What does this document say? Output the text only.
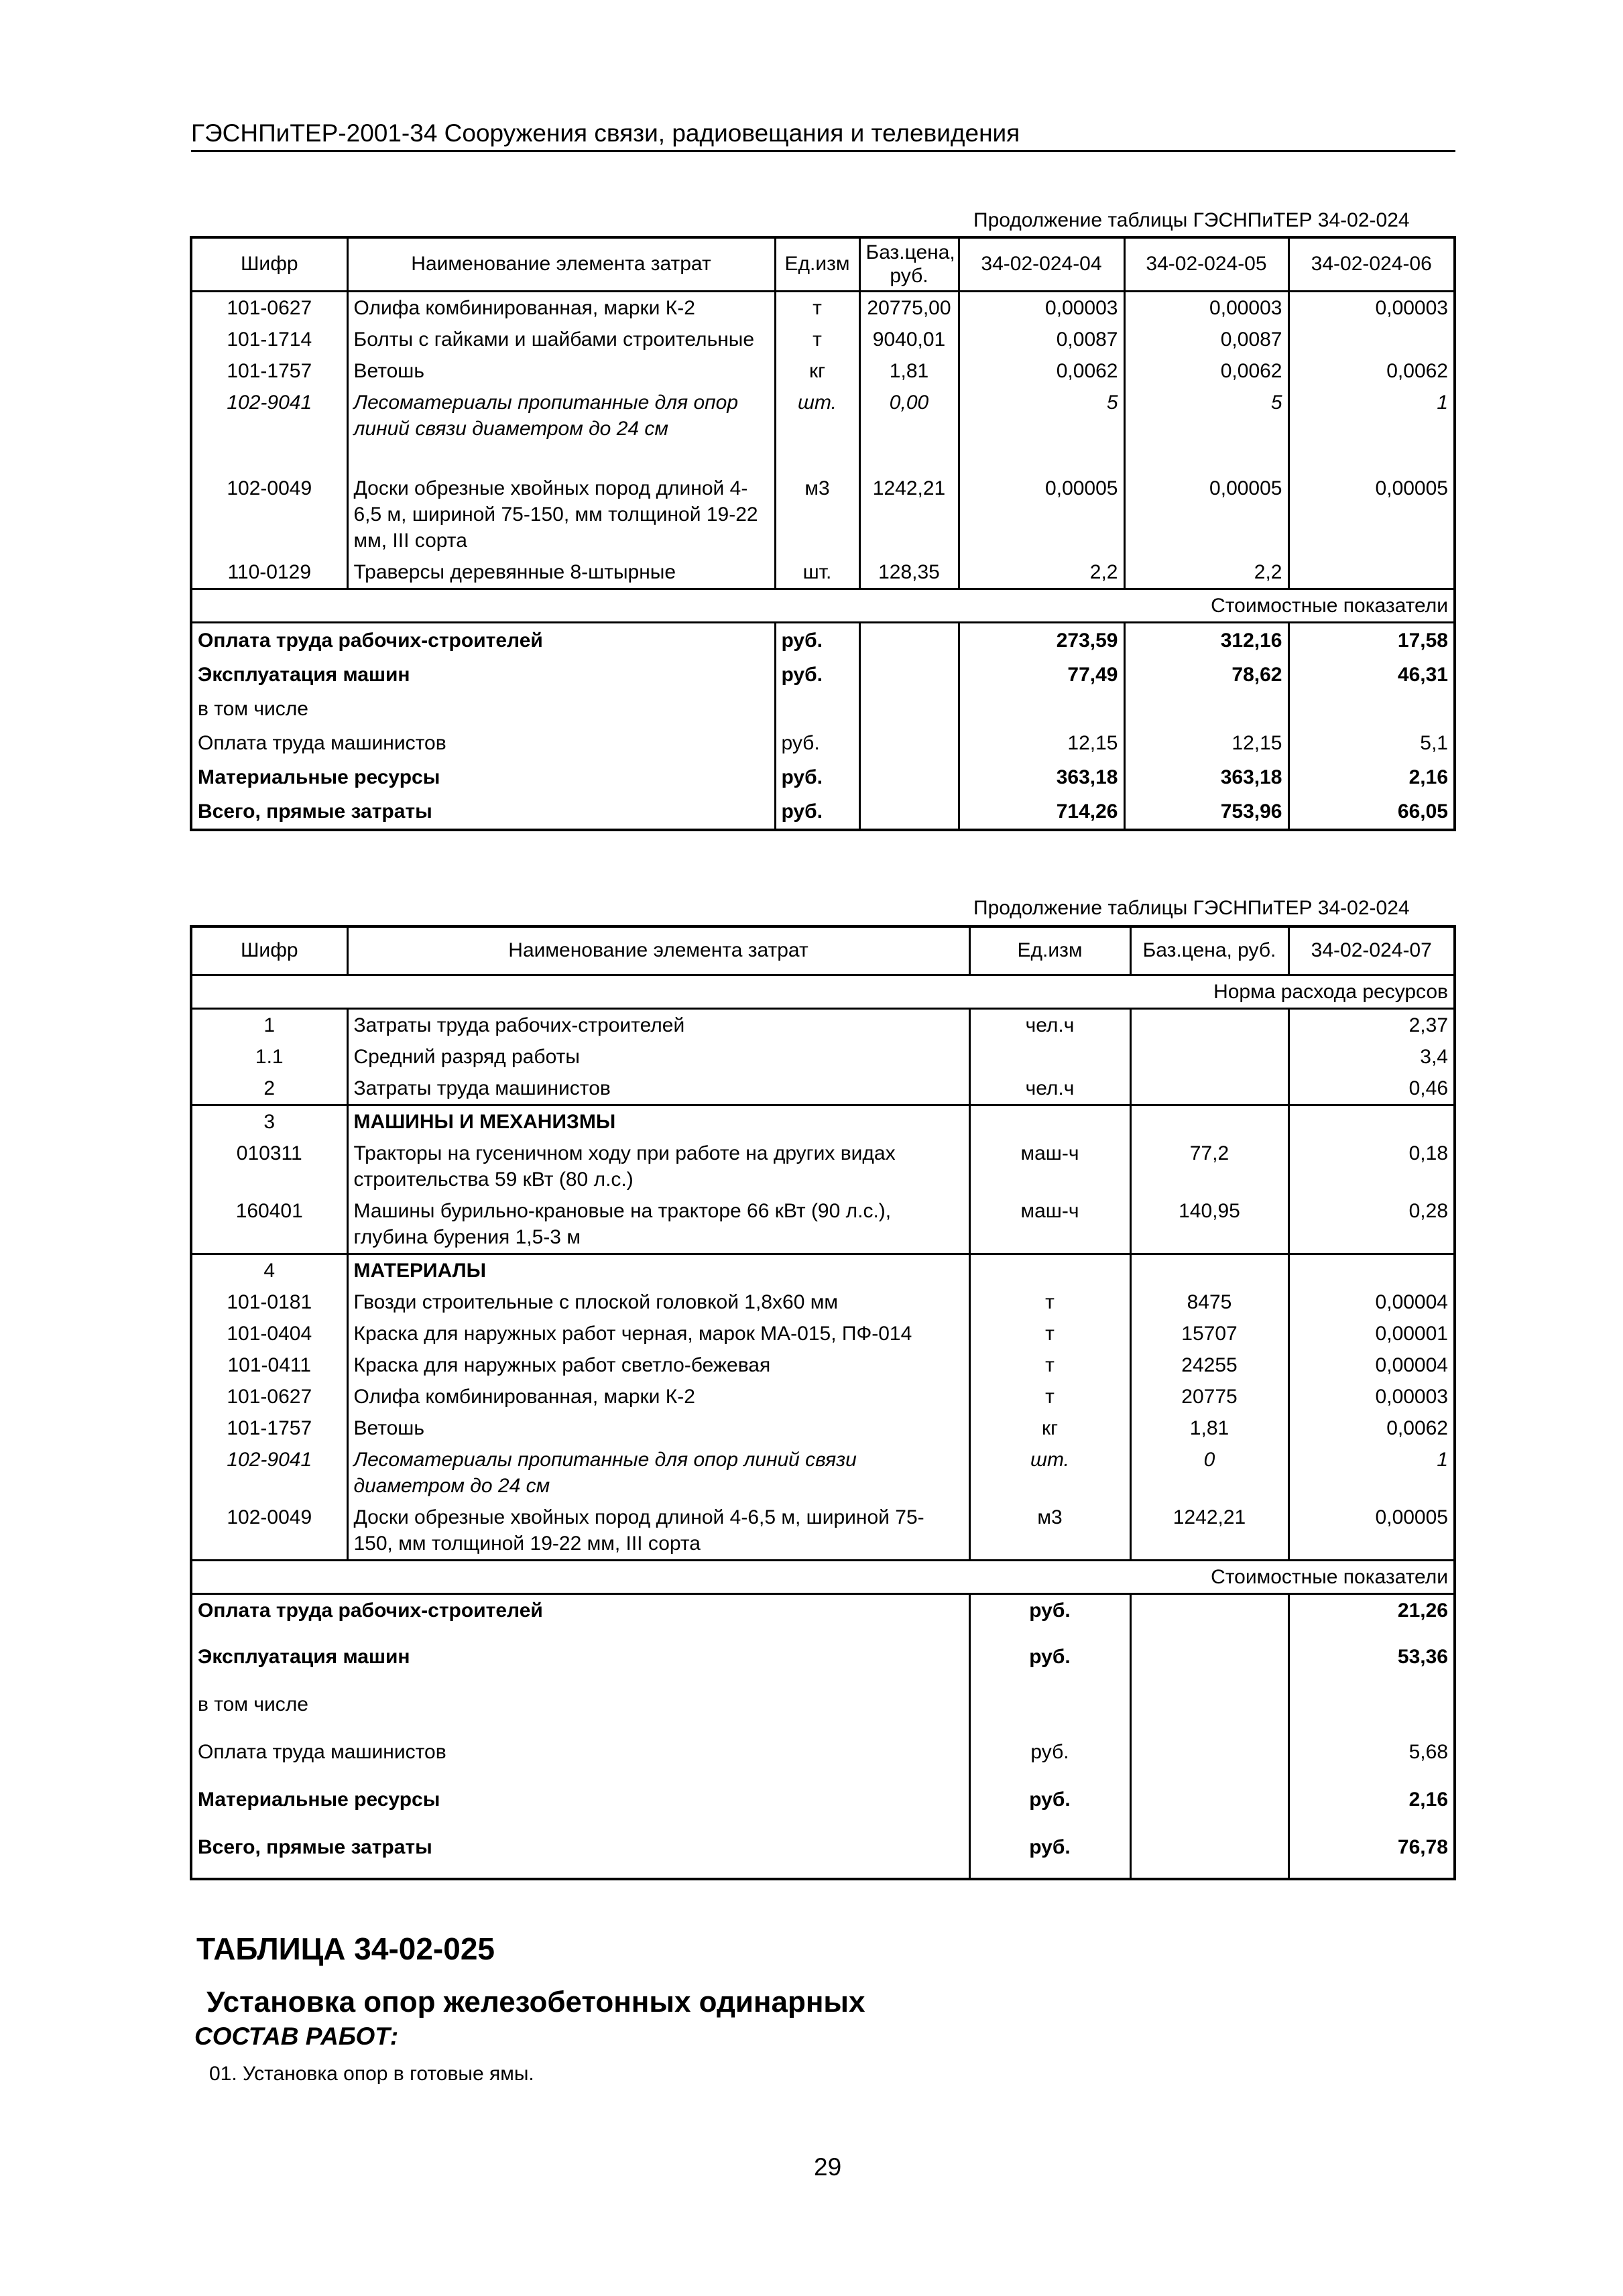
ГЭСНПиТЕР-2001-34 Сооружения связи, радиовещания и телевидения
Продолжение таблицы ГЭСНПиТЕР 34-02-024
Шифр	Наименование элемента затрат	Ед.изм	Баз.цена, руб.	34-02-024-04	34-02-024-05	34-02-024-06
101-0627	Олифа комбинированная, марки К-2	т	20775,00	0,00003	0,00003	0,00003
101-1714	Болты с гайками и шайбами строительные	т	9040,01	0,0087	0,0087	
101-1757	Ветошь	кг	1,81	0,0062	0,0062	0,0062
102-9041	Лесоматериалы пропитанные для опор линий связи диаметром до 24 см	шт.	0,00	5	5	1
102-0049	Доски обрезные хвойных пород длиной 4-6,5 м, шириной 75-150, мм толщиной 19-22 мм, III сорта	м3	1242,21	0,00005	0,00005	0,00005
110-0129	Траверсы деревянные 8-штырные	шт.	128,35	2,2	2,2	
Стоимостные показатели						
Оплата труда рабочих-строителей		руб.		273,59	312,16	17,58
Эксплуатация машин		руб.		77,49	78,62	46,31
в том числе						
Оплата труда машинистов		руб.		12,15	12,15	5,1
Материальные ресурсы		руб.		363,18	363,18	2,16
Всего, прямые затраты		руб.		714,26	753,96	66,05
Продолжение таблицы ГЭСНПиТЕР 34-02-024
Шифр	Наименование элемента затрат	Ед.изм	Баз.цена, руб.	34-02-024-07
Норма расхода ресурсов				
1	Затраты труда рабочих-строителей	чел.ч		2,37
1.1	Средний разряд работы			3,4
2	Затраты труда машинистов	чел.ч		0,46
3	МАШИНЫ И МЕХАНИЗМЫ			
010311	Тракторы на гусеничном ходу при работе на других видах строительства 59 кВт (80 л.с.)	маш-ч	77,2	0,18
160401	Машины бурильно-крановые на тракторе 66 кВт (90 л.с.), глубина бурения 1,5-3 м	маш-ч	140,95	0,28
4	МАТЕРИАЛЫ			
101-0181	Гвозди строительные с плоской головкой 1,8х60 мм	т	8475	0,00004
101-0404	Краска для наружных работ черная, марок МА-015, ПФ-014	т	15707	0,00001
101-0411	Краска для наружных работ светло-бежевая	т	24255	0,00004
101-0627	Олифа комбинированная, марки К-2	т	20775	0,00003
101-1757	Ветошь	кг	1,81	0,0062
102-9041	Лесоматериалы пропитанные для опор линий связи диаметром до 24 см	шт.	0	1
102-0049	Доски обрезные хвойных пород длиной 4-6,5 м, шириной 75-150, мм толщиной 19-22 мм, III сорта	м3	1242,21	0,00005
Стоимостные показатели				
Оплата труда рабочих-строителей		руб.		21,26
Эксплуатация машин		руб.		53,36
в том числе				
Оплата труда машинистов		руб.		5,68
Материальные ресурсы		руб.		2,16
Всего, прямые затраты		руб.		76,78
ТАБЛИЦА 34-02-025
Установка опор железобетонных одинарных
СОСТАВ РАБОТ:
01. Установка опор в готовые ямы.
29
